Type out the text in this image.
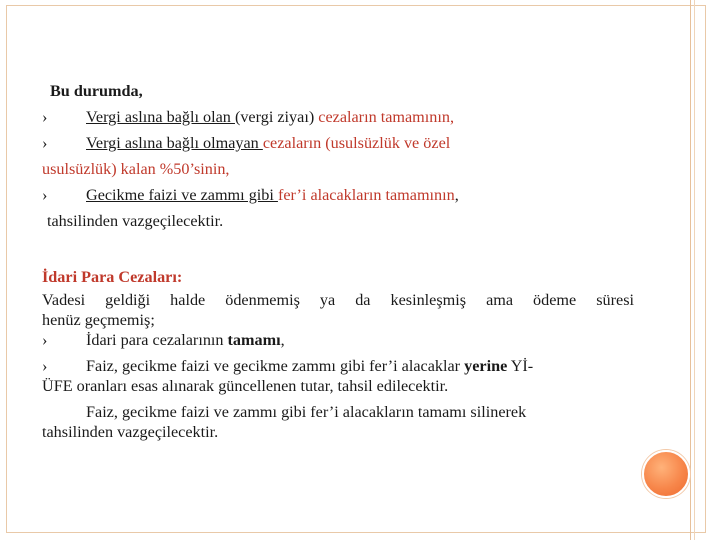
Bu durumda,
› Vergi aslına bağlı olan (vergi ziyaı) cezaların tamamının,
› Vergi aslına bağlı olmayan cezaların (usulsüzlük ve özel
usulsüzlük) kalan %50’sinin,
› Gecikme faizi ve zammı gibi fer’i alacakların tamamının,
tahsilinden vazgeçilecektir.
İdari Para Cezaları:
Vadesi geldiği halde ödenmemiş ya da kesinleşmiş ama ödeme süresi
henüz geçmemiş;
› İdari para cezalarının tamamı,
› Faiz, gecikme faizi ve gecikme zammı gibi fer’i alacaklar yerine Yİ-
ÜFE oranları esas alınarak güncellenen tutar, tahsil edilecektir.
Faiz, gecikme faizi ve zammı gibi fer’i alacakların tamamı silinerek
tahsilinden vazgeçilecektir.
